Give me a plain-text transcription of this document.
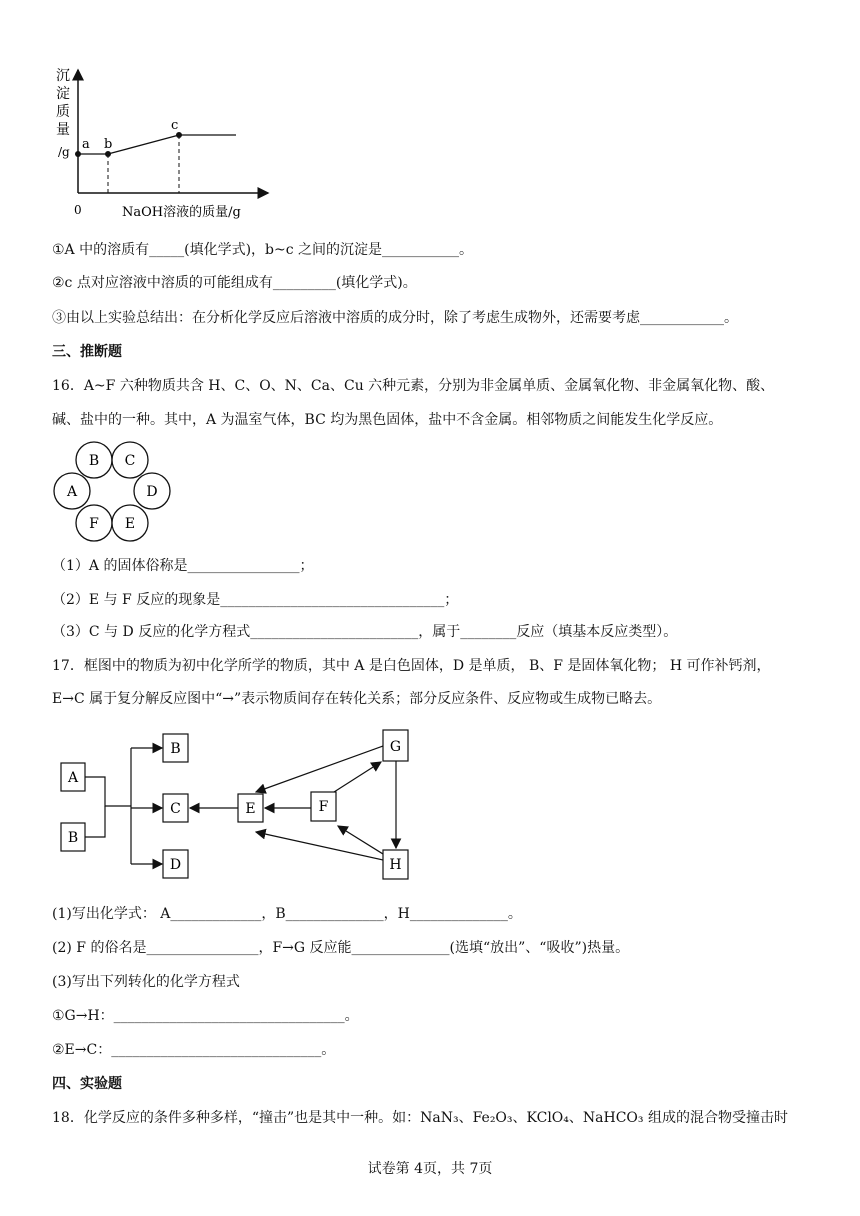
沉
淀
质
量
/g a b
c
0	NaOH溶液的质量/g
①A 中的溶质有_____(填化学式)，b~c 之间的沉淀是___________。
②c 点对应溶液中溶质的可能组成有_________(填化学式)。
③由以上实验总结出：在分析化学反应后溶液中溶质的成分时，除了考虑生成物外，还需要考虑____________。
三、推断题
16．A~F 六种物质共含 H、C、O、N、Ca、Cu 六种元素，分别为非金属单质、金属氧化物、非金属氧化物、酸、
碱、盐中的一种。其中，A 为温室气体，BC 均为黑色固体，盐中不含金属。相邻物质之间能发生化学反应。
A
B C
D
E
F
（1）A 的固体俗称是________________；
（2）E 与 F 反应的现象是________________________________；
（3）C 与 D 反应的化学方程式________________________，属于________反应（填基本反应类型）。
17．框图中的物质为初中化学所学的物质，其中 A 是白色固体，D 是单质， B、F 是固体氧化物； H 可作补钙剂，
E→C 属于复分解反应图中“→”表示物质间存在转化关系；部分反应条件、反应物或生成物已略去。
A
B
B
C
D
E	F
G
H
(1)写出化学式： A_____________，B______________，H______________。
(2) F 的俗名是________________，F→G 反应能______________(选填“放出”、“吸收”)热量。
(3)写出下列转化的化学方程式
①G→H：_________________________________。
②E→C：______________________________。
四、实验题
18．化学反应的条件多种多样，“撞击”也是其中一种。如：NaN₃、Fe₂O₃、KClO₄、NaHCO₃ 组成的混合物受撞击时
试卷第 4页，共 7页
